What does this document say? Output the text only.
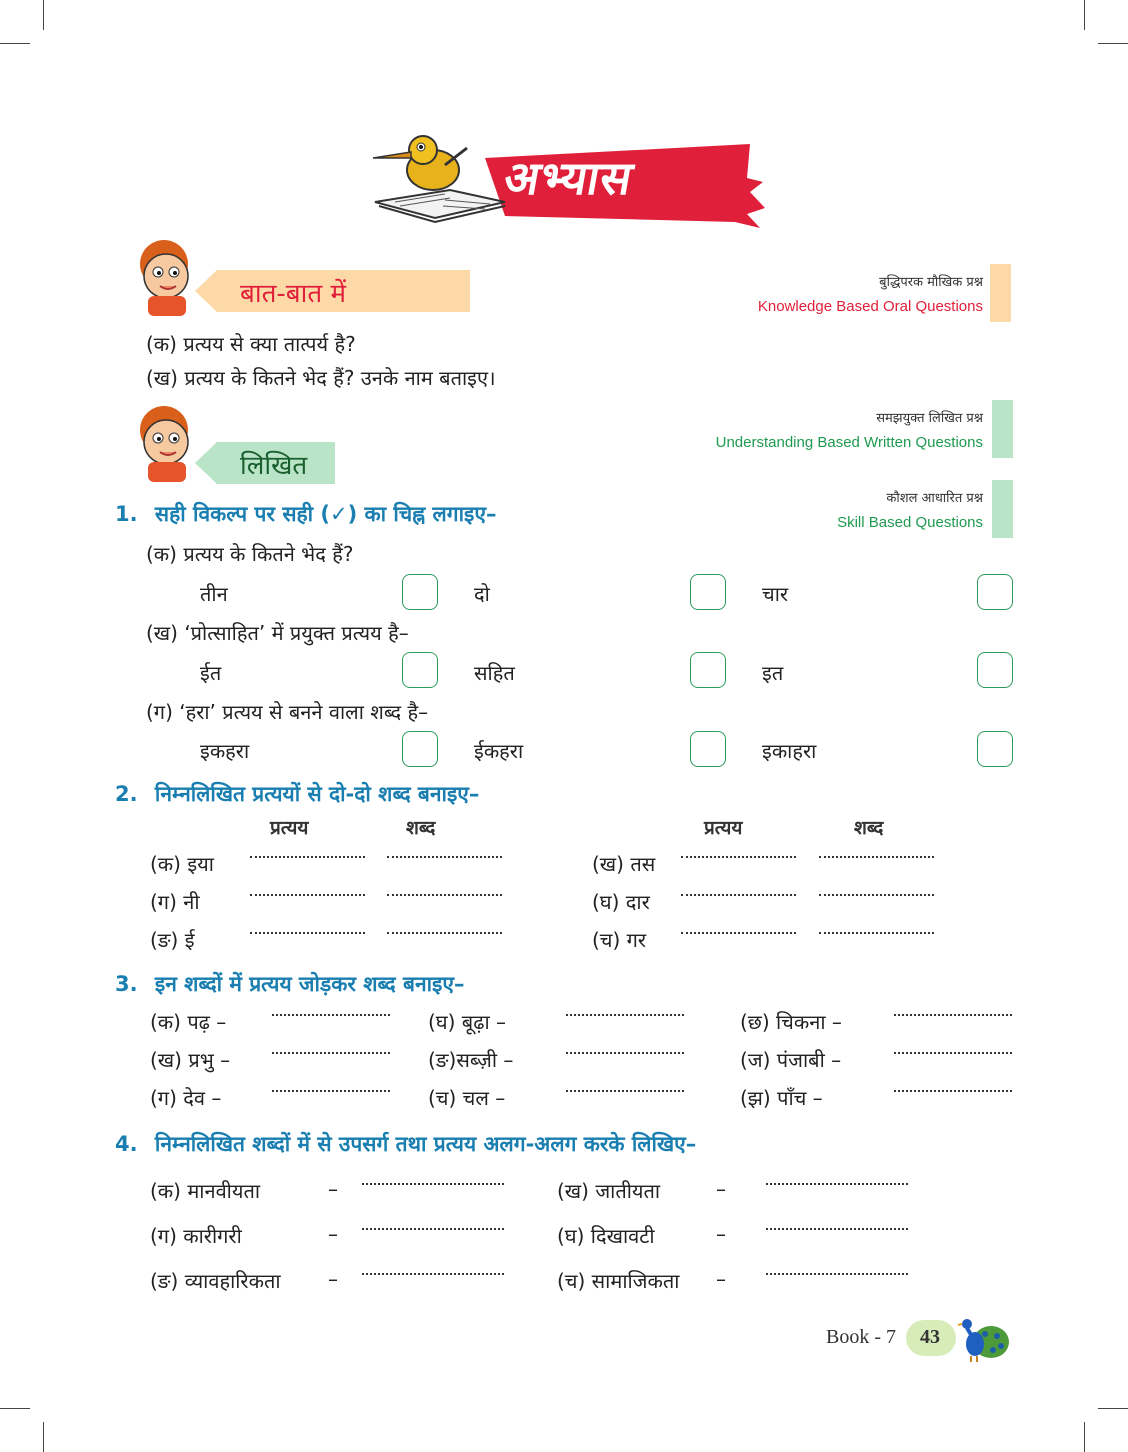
अभ्यास
बात-बात में	बुद्धिपरक मौखिक प्रश्न
Knowledge Based Oral Questions
(क) प्रत्यय से क्या तात्पर्य है?
(ख) प्रत्यय के कितने भेद हैं? उनके नाम बताइए।
लिखित
समझयुक्त लिखित प्रश्न
Understanding Based Written Questions
कौशल आधारित प्रश्न
Skill Based Questions
1. सही विकल्प पर सही (✓) का चिह्न लगाइए–
(क) प्रत्यय के कितने भेद हैं?
तीन	दो	चार
(ख) ‘प्रोत्साहित’ में प्रयुक्त प्रत्यय है–
ईत	सहित	इत
(ग) ‘हरा’ प्रत्यय से बनने वाला शब्द है–
इकहरा	ईकहरा	इकाहरा
2. निम्नलिखित प्रत्ययों से दो-दो शब्द बनाइए–
प्रत्यय	शब्द	प्रत्यय	शब्द
(क) इया	(ख) तस
(ग) नी	(घ) दार
(ङ) ई	(च) गर
3. इन शब्दों में प्रत्यय जोड़कर शब्द बनाइए–
(क) पढ़ –	(घ) बूढ़ा –	(छ) चिकना –
(ख) प्रभु –	(ङ)सब्ज़ी –	(ज) पंजाबी –
(ग) देव –	(च) चल –	(झ) पाँच –
4. निम्नलिखित शब्दों में से उपसर्ग तथा प्रत्यय अलग-अलग करके लिखिए–
(क) मानवीयता	–	(ख) जातीयता	–
(ग) कारीगरी	–	(घ) दिखावटी	–
(ङ) व्यावहारिकता –	(च) सामाजिकता –
Book - 7 43
